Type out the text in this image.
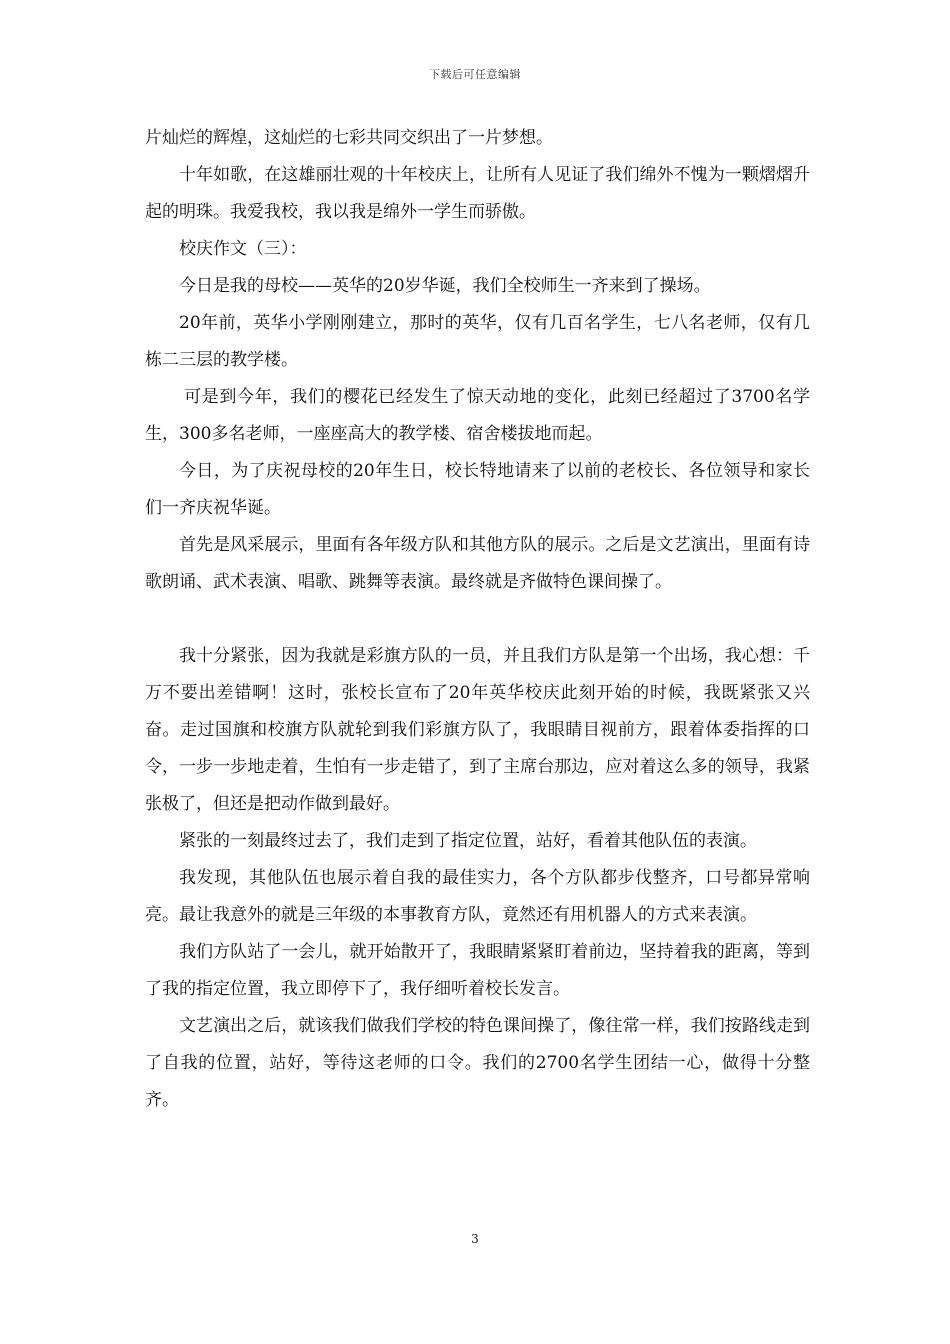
下载后可任意编辑

片灿烂的辉煌，这灿烂的七彩共同交织出了一片梦想。

十年如歌，在这雄丽壮观的十年校庆上，让所有人见证了我们绵外不愧为一颗熠熠升起的明珠。我爱我校，我以我是绵外一学生而骄傲。

校庆作文（三）：

今日是我的母校——英华的20岁华诞，我们全校师生一齐来到了操场。

20年前，英华小学刚刚建立，那时的英华，仅有几百名学生，七八名老师，仅有几栋二三层的教学楼。

可是到今年，我们的樱花已经发生了惊天动地的变化，此刻已经超过了3700名学生，300多名老师，一座座高大的教学楼、宿舍楼拔地而起。

今日，为了庆祝母校的20年生日，校长特地请来了以前的老校长、各位领导和家长们一齐庆祝华诞。

首先是风采展示，里面有各年级方队和其他方队的展示。之后是文艺演出，里面有诗歌朗诵、武术表演、唱歌、跳舞等表演。最终就是齐做特色课间操了。

我十分紧张，因为我就是彩旗方队的一员，并且我们方队是第一个出场，我心想：千万不要出差错啊！这时，张校长宣布了20年英华校庆此刻开始的时候，我既紧张又兴奋。走过国旗和校旗方队就轮到我们彩旗方队了，我眼睛目视前方，跟着体委指挥的口令，一步一步地走着，生怕有一步走错了，到了主席台那边，应对着这么多的领导，我紧张极了，但还是把动作做到最好。

紧张的一刻最终过去了，我们走到了指定位置，站好，看着其他队伍的表演。

我发现，其他队伍也展示着自我的最佳实力，各个方队都步伐整齐，口号都异常响亮。最让我意外的就是三年级的本事教育方队，竟然还有用机器人的方式来表演。

我们方队站了一会儿，就开始散开了，我眼睛紧紧盯着前边，坚持着我的距离，等到了我的指定位置，我立即停下了，我仔细听着校长发言。

文艺演出之后，就该我们做我们学校的特色课间操了，像往常一样，我们按路线走到了自我的位置，站好，等待这老师的口令。我们的2700名学生团结一心，做得十分整齐。

3
